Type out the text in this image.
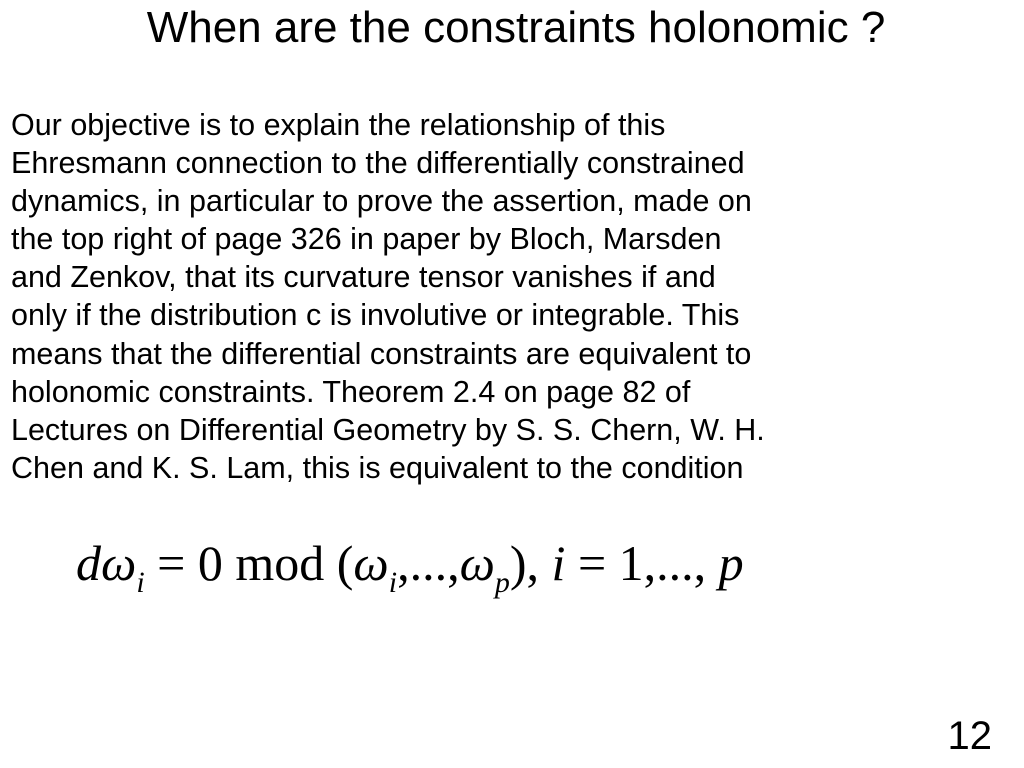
When are the constraints holonomic ?
Our objective is to explain the relationship of this
Ehresmann connection to the differentially constrained
dynamics, in particular to prove the assertion, made on
the top right of page 326 in paper by Bloch, Marsden
and Zenkov, that its curvature tensor vanishes if and
only if the distribution c is involutive or integrable. This
means that the differential constraints are equivalent to
holonomic constraints. Theorem 2.4 on page 82 of
Lectures on Differential Geometry by S. S. Chern, W. H.
Chen and K. S. Lam, this is equivalent to the condition
$d\omega_i = 0$ mod $(\omega_i,...,\omega_p)$, i = 1,..., p
12
